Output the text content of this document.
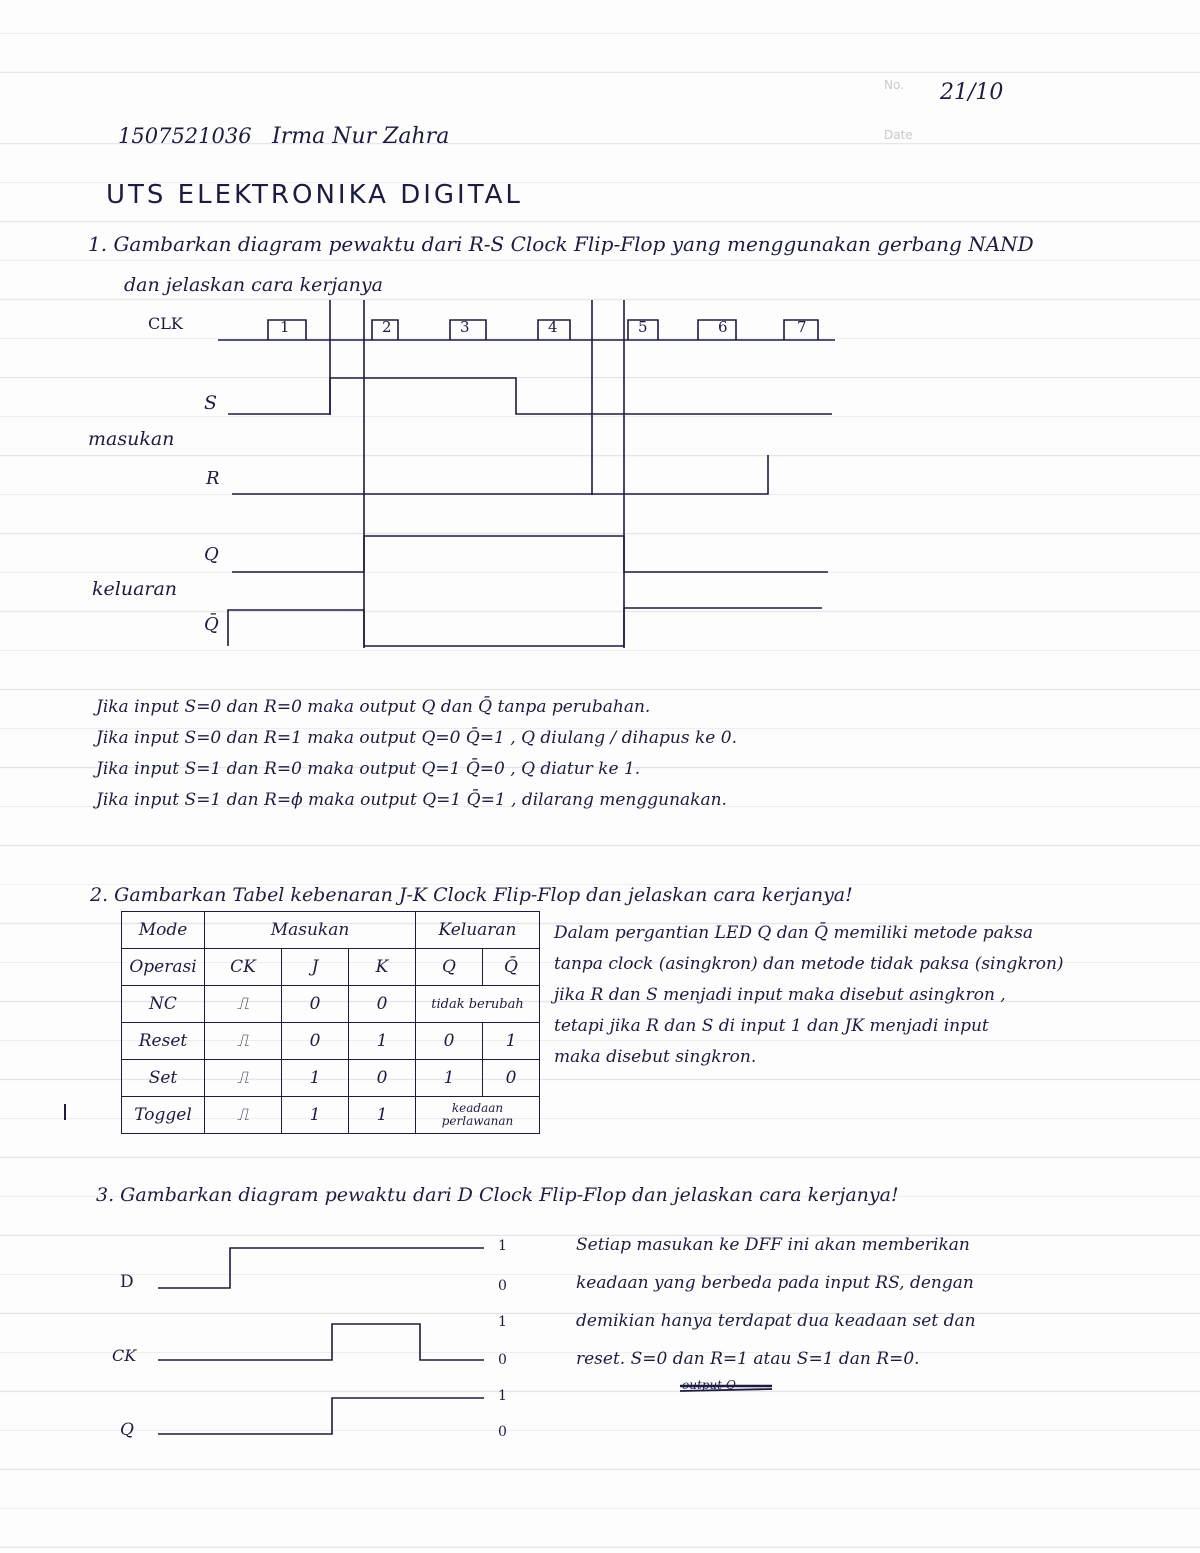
No.
Date
21/10
1507521036 Irma Nur Zahra
UTS ELEKTRONIKA DIGITAL
1. Gambarkan diagram pewaktu dari R-S Clock Flip-Flop yang menggunakan gerbang NAND
dan jelaskan cara kerjanya
CLK
S
masukan
R
Q
keluaran
Q̄
1	2	3	4	5	6	7
Jika input S=0 dan R=0 maka output Q dan Q̄ tanpa perubahan.
Jika input S=0 dan R=1 maka output Q=0 Q̄=1 , Q diulang / dihapus ke 0.
Jika input S=1 dan R=0 maka output Q=1 Q̄=0 , Q diatur ke 1.
Jika input S=1 dan R=ϕ maka output Q=1 Q̄=1 , dilarang menggunakan.
2. Gambarkan Tabel kebenaran J-K Clock Flip-Flop dan jelaskan cara kerjanya!
Mode	Masukan			Keluaran	
Operasi	CK	J	K	Q	Q̄
NC	⎍	0	0	tidak berubah	
Reset	⎍	0	1	0	1
Set	⎍	1	0	1	0
Toggel	⎍	1	1	keadaan perlawanan	
Dalam pergantian LED Q dan Q̄ memiliki metode paksa
tanpa clock (asingkron) dan metode tidak paksa (singkron)
jika R dan S menjadi input maka disebut asingkron ,
tetapi jika R dan S di input 1 dan JK menjadi input
maka disebut singkron.
3. Gambarkan diagram pewaktu dari D Clock Flip-Flop dan jelaskan cara kerjanya!
D
CK
Q
1
0
1
0
1
0
Setiap masukan ke DFF ini akan memberikan
keadaan yang berbeda pada input RS, dengan
demikian hanya terdapat dua keadaan set dan
reset. S=0 dan R=1 atau S=1 dan R=0.
output Q
